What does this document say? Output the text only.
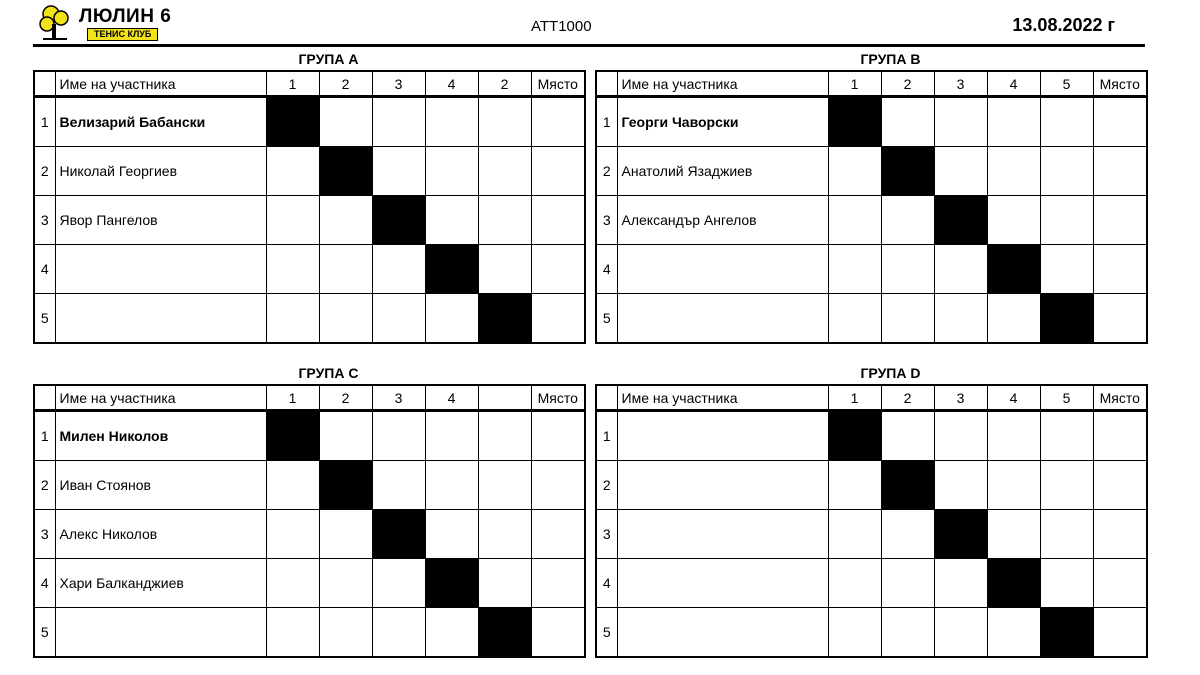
ЛЮЛИН 6
ТЕНИС КЛУБ	ATT1000	13.08.2022 г
ГРУПА А
	Име на участника	1	2	3	4	2	Място
1	Велизарий Бабански						
2	Николай Георгиев						
3	Явор Пангелов						
4							
5							
ГРУПА B
	Име на участника	1	2	3	4	5	Място
1	Георги Чаворски						
2	Анатолий Язаджиев						
3	Александър Ангелов						
4							
5							
ГРУПА C
	Име на участника	1	2	3	4		Място
1	Милен Николов						
2	Иван Стоянов						
3	Алекс Николов						
4	Хари Балканджиев						
5							
ГРУПА D
	Име на участника	1	2	3	4	5	Място
1							
2							
3							
4							
5							
